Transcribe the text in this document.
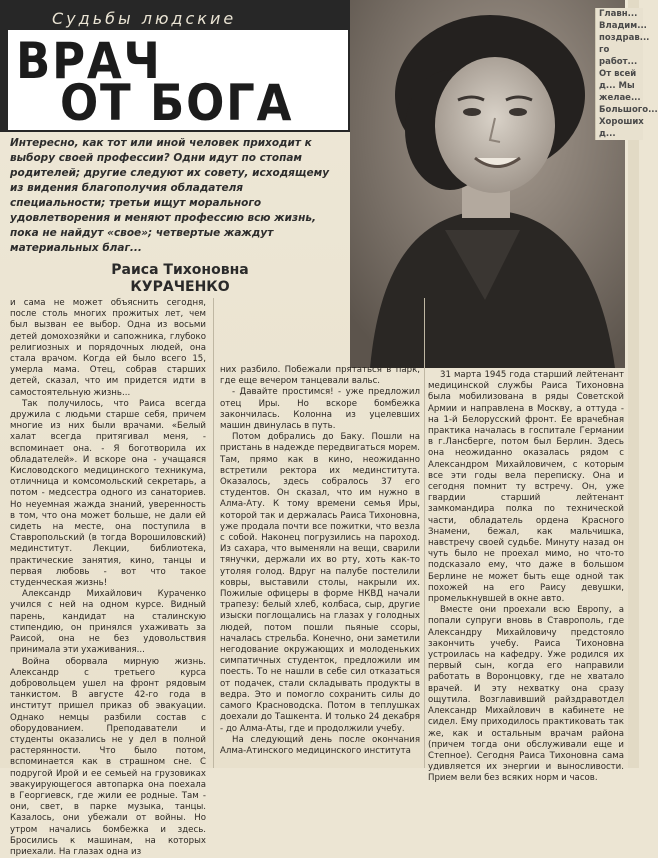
Судьбы людские
ВРАЧ
ОТ БОГА
Интересно, как тот или иной человек приходит к выбору своей профессии? Одни идут по стопам родителей; другие следуют их совету, исходящему из видения благополучия обладателя специальности; третьи ищут морального удовлетворения и меняют профессию всю жизнь, пока не найдут «свое»; четвертые жаждут материальных благ...
Главн... Владим... поздрав... го работ... От всей д... Мы желае... Большого... Хороших д...
Раиса Тихоновна
КУРАЧЕНКО

и сама не может объяснить сегодня, после столь многих прожитых лет, чем был вызван ее выбор. Одна из восьми детей домохозяйки и сапожника, глубоко религиозных и порядочных людей, она стала врачом. Когда ей было всего 15, умерла мама. Отец, собрав старших детей, сказал, что им придется идти в самостоятельную жизнь...

Так получилось, что Раиса всегда дружила с людьми старше себя, причем многие из них были врачами. «Белый халат всегда притягивал меня, - вспоминает она. - Я боготворила их обладателей». И вскоре она - учащаяся Кисловодского медицинского техникума, отличница и комсомольский секретарь, а потом - медсестра одного из санаториев. Но неуемная жажда знаний, уверенность в том, что она может больше, не дали ей сидеть на месте, она поступила в Ставропольский (в тогда Ворошиловский) мединститут. Лекции, библиотека, практические занятия, кино, танцы и первая любовь - вот что такое студенческая жизнь!

Александр Михайлович Кураченко учился с ней на одном курсе. Видный парень, кандидат на сталинскую стипендию, он принялся ухаживать за Раисой, она не без удовольствия принимала эти ухаживания...

Война оборвала мирную жизнь. Александр с третьего курса добровольцем ушел на фронт рядовым танкистом. В августе 42-го года в институт пришел приказ об эвакуации. Однако немцы разбили состав с оборудованием. Преподаватели и студенты оказались не у дел в полной растерянности. Что было потом, вспоминается как в страшном сне. С подругой Ирой и ее семьей на грузовиках эвакуирующегося автопарка она поехала в Георгиевск, где жили ее родные. Там - они, свет, в парке музыка, танцы. Казалось, они убежали от войны. Но утром начались бомбежка и здесь. Бросились к машинам, на которых приехали. На глазах одна из

них разбило. Побежали прятаться в парк, где еще вечером танцевали вальс.

- Давайте простимся! - уже предложил отец Иры. Но вскоре бомбежка закончилась. Колонна из уцелевших машин двинулась в путь.

Потом добрались до Баку. Пошли на пристань в надежде передвигаться морем. Там, прямо как в кино, неожиданно встретили ректора их мединститута. Оказалось, здесь собралось 37 его студентов. Он сказал, что им нужно в Алма-Ату. К тому времени семья Иры, которой так и держалась Раиса Тихоновна, уже продала почти все пожитки, что везла с собой. Наконец погрузились на пароход. Из сахара, что выменяли на вещи, сварили тянучки, держали их во рту, хоть как-то утоляя голод. Вдруг на палубе постелили ковры, выставили столы, накрыли их. Пожилые офицеры в форме НКВД начали трапезу: белый хлеб, колбаса, сыр, другие изыски поглощались на глазах у голодных людей, потом пошли пьяные ссоры, началась стрельба. Конечно, они заметили негодование окружающих и молоденьких симпатичных студенток, предложили им поесть. То не нашли в себе сил отказаться от подачек, стали складывать продукты в ведра. Это и помогло сохранить силы до самого Красноводска. Потом в теплушках доехали до Ташкента. И только 24 декабря - до Алма-Аты, где и продолжили учебу.

На следующий день после окончания Алма-Атинского медицинского института

31 марта 1945 года старший лейтенант медицинской службы Раиса Тихоновна была мобилизована в ряды Советской Армии и направлена в Москву, а оттуда - на 1-й Белорусский фронт. Ее врачебная практика началась в госпитале Германии в г.Лансберге, потом был Берлин. Здесь она неожиданно оказалась рядом с Александром Михайловичем, с которым все эти годы вела переписку. Она и сегодня помнит ту встречу. Он, уже гвардии старший лейтенант замкомандира полка по технической части, обладатель ордена Красного Знамени, бежал, как мальчишка, навстречу своей судьбе. Минуту назад он чуть было не проехал мимо, но что-то подсказало ему, что даже в большом Берлине не может быть еще одной так похожей на его Раису девушки, промелькнувшей в окне авто.

Вместе они проехали всю Европу, а попали супруги вновь в Ставрополь, где Александру Михайловичу предстояло закончить учебу. Раиса Тихоновна устроилась на кафедру. Уже родился их первый сын, когда его направили работать в Воронцовку, где не хватало врачей. И эту нехватку она сразу ощутила. Возглавивший райздравотдел Александр Михайлович в кабинете не сидел. Ему приходилось практиковать так же, как и остальным врачам района (причем тогда они обслуживали еще и Степное). Сегодня Раиса Тихоновна сама удивляется их энергии и выносливости. Прием вели без всяких норм и часов.
